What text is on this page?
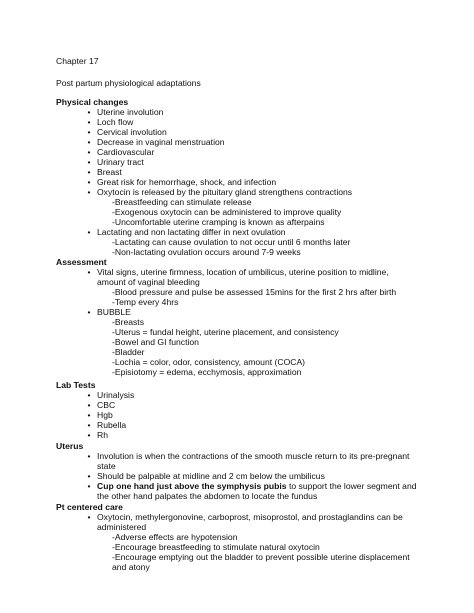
Chapter 17
Post partum physiological adaptations
Physical changes
• Uterine involution
• Loch flow
• Cervical involution
• Decrease in vaginal menstruation
• Cardiovascular
• Urinary tract
• Breast
• Great risk for hemorrhage, shock, and infection
• Oxytocin is released by the pituitary gland strengthens contractions
-Breastfeeding can stimulate release
-Exogenous oxytocin can be administered to improve quality
-Uncomfortable uterine cramping is known as afterpains
• Lactating and non lactating differ in next ovulation
-Lactating can cause ovulation to not occur until 6 months later
-Non-lactating ovulation occurs around 7-9 weeks
Assessment
• Vital signs, uterine firmness, location of umbilicus, uterine position to midline,
amount of vaginal bleeding
-Blood pressure and pulse be assessed 15mins for the first 2 hrs after birth
-Temp every 4hrs
• BUBBLE
-Breasts
-Uterus = fundal height, uterine placement, and consistency
-Bowel and GI function
-Bladder
-Lochia = color, odor, consistency, amount (COCA)
-Episiotomy = edema, ecchymosis, approximation
Lab Tests
• Urinalysis
• CBC
• Hgb
• Rubella
• Rh
Uterus
• Involution is when the contractions of the smooth muscle return to its pre-pregnant
state
• Should be palpable at midline and 2 cm below the umbilicus
• Cup one hand just above the symphysis pubis to support the lower segment and
the other hand palpates the abdomen to locate the fundus
Pt centered care
• Oxytocin, methylergonovine, carboprost, misoprostol, and prostaglandins can be
administered
-Adverse effects are hypotension
-Encourage breastfeeding to stimulate natural oxytocin
-Encourage emptying out the bladder to prevent possible uterine displacement
and atony
